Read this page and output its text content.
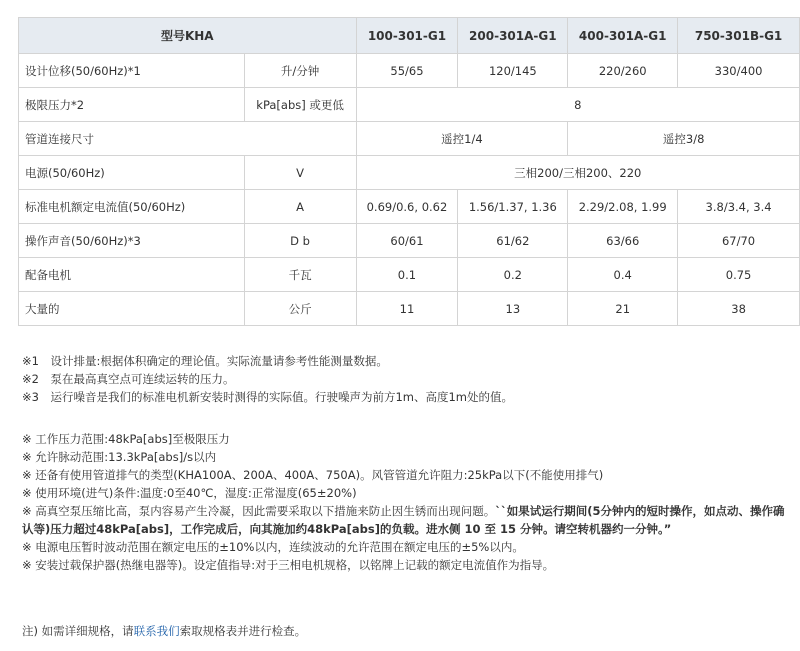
型号KHA		100-301-G1	200-301A-G1	400-301A-G1	750-301B-G1
设计位移(50/60Hz)*1	升/分钟	55/65	120/145	220/260	330/400
极限压力*2	kPa[abs] 或更低	8			
管道连接尺寸		遥控1/4		遥控3/8	
电源(50/60Hz)	V	三相200/三相200、220			
标准电机额定电流值(50/60Hz)	A	0.69/0.6, 0.62	1.56/1.37, 1.36	2.29/2.08, 1.99	3.8/3.4, 3.4
操作声音(50/60Hz)*3	D b	60/61	61/62	63/66	67/70
配备电机	千瓦	0.1	0.2	0.4	0.75
大量的	公斤	11	13	21	38
※1　设计排量:根据体积确定的理论值。实际流量请参考性能测量数据。
※2　泵在最高真空点可连续运转的压力。
※3　运行噪音是我们的标准电机新安装时测得的实际值。行驶噪声为前方1m、高度1m处的值。
※ 工作压力范围:48kPa[abs]至极限压力
※ 允许脉动范围:13.3kPa[abs]/s以内
※ 还备有使用管道排气的类型(KHA100A、200A、400A、750A)。风管管道允许阻力:25kPa以下(不能使用排气)
※ 使用环境(进气)条件:温度:0至40℃，湿度:正常湿度(65±20%)
※ 高真空泵压缩比高，泵内容易产生冷凝，因此需要采取以下措施来防止因生锈而出现问题。``如果试运行期间(5分钟内的短时操作，如点动、操作确认等)压力超过48kPa[abs]，工作完成后，向其施加约48kPa[abs]的负载。进水侧 10 至 15 分钟。请空转机器约一分钟。”
※ 电源电压暂时波动范围在额定电压的±10%以内，连续波动的允许范围在额定电压的±5%以内。
※ 安装过载保护器(热继电器等)。设定值指导:对于三相电机规格，以铭牌上记载的额定电流值作为指导。
注) 如需详细规格，请联系我们索取规格表并进行检查。
